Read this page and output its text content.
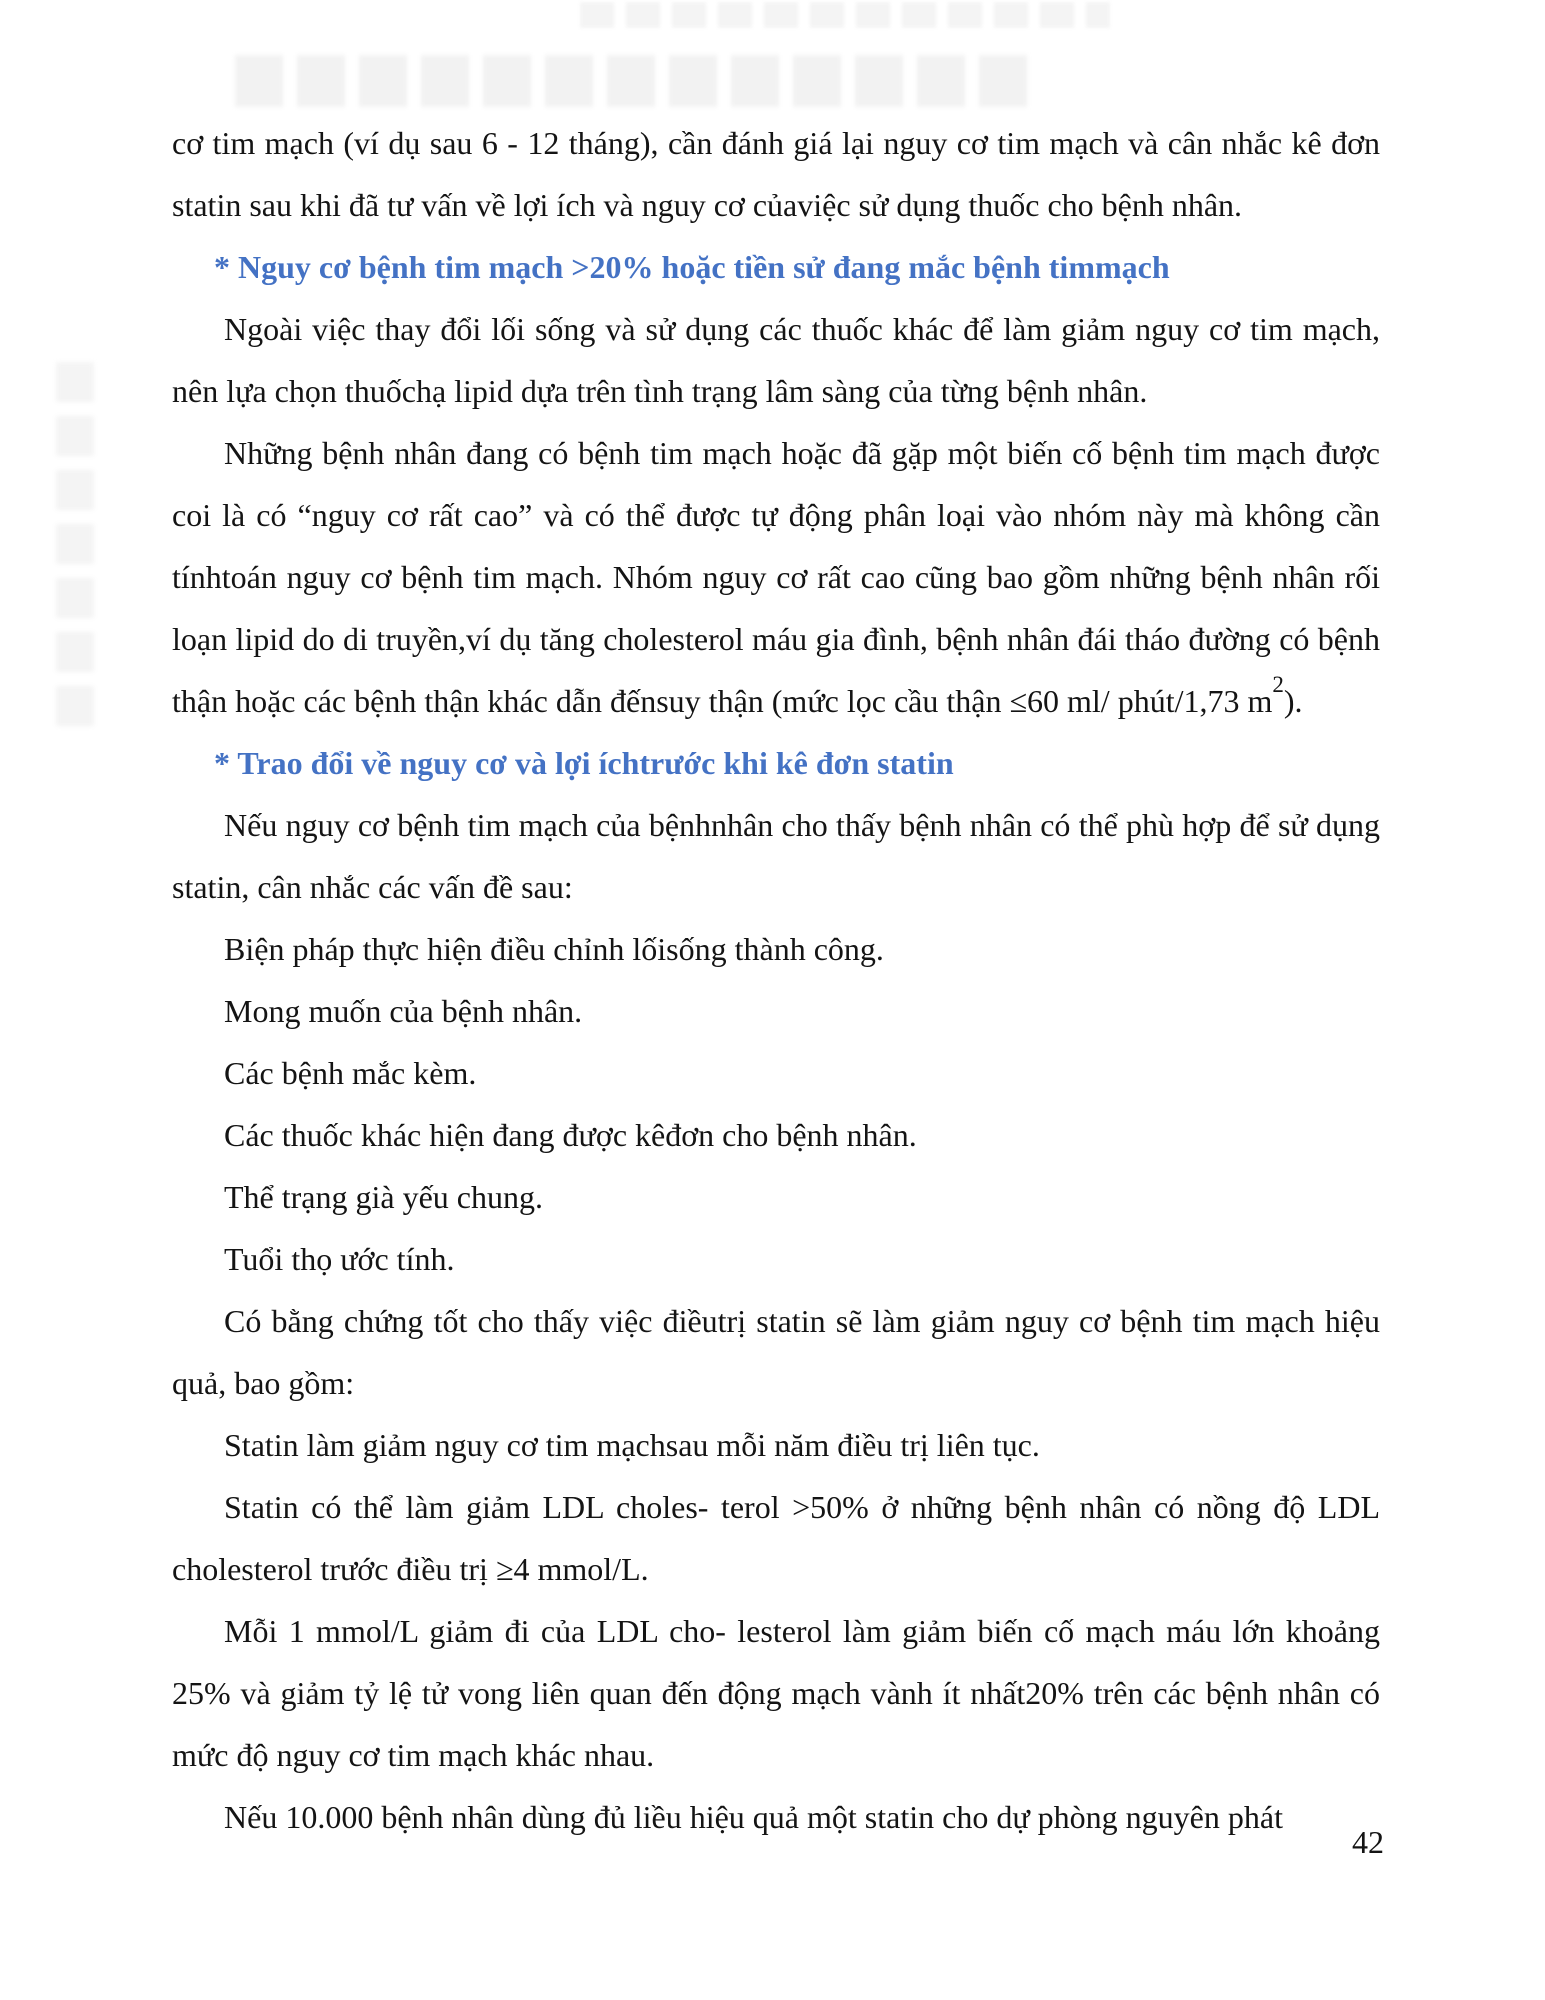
cơ tim mạch (ví dụ sau 6 - 12 tháng), cần đánh giá lại nguy cơ tim mạch và cân nhắc kê đơn statin sau khi đã tư vấn về lợi ích và nguy cơ củaviệc sử dụng thuốc cho bệnh nhân.

* Nguy cơ bệnh tim mạch >20% hoặc tiền sử đang mắc bệnh timmạch

Ngoài việc thay đổi lối sống và sử dụng các thuốc khác để làm giảm nguy cơ tim mạch, nên lựa chọn thuốchạ lipid dựa trên tình trạng lâm sàng của từng bệnh nhân.

Những bệnh nhân đang có bệnh tim mạch hoặc đã gặp một biến cố bệnh tim mạch được coi là có “nguy cơ rất cao” và có thể được tự động phân loại vào nhóm này mà không cần tínhtoán nguy cơ bệnh tim mạch. Nhóm nguy cơ rất cao cũng bao gồm những bệnh nhân rối loạn lipid do di truyền,ví dụ tăng cholesterol máu gia đình, bệnh nhân đái tháo đường có bệnh thận hoặc các bệnh thận khác dẫn đếnsuy thận (mức lọc cầu thận ≤60 ml/ phút/1,73 $m^2$).

* Trao đổi về nguy cơ và lợi íchtrước khi kê đơn statin

Nếu nguy cơ bệnh tim mạch của bệnhnhân cho thấy bệnh nhân có thể phù hợp để sử dụng statin, cân nhắc các vấn đề sau:

Biện pháp thực hiện điều chỉnh lốisống thành công.

Mong muốn của bệnh nhân.

Các bệnh mắc kèm.

Các thuốc khác hiện đang được kêđơn cho bệnh nhân.

Thể trạng già yếu chung.

Tuổi thọ ước tính.

Có bằng chứng tốt cho thấy việc điềutrị statin sẽ làm giảm nguy cơ bệnh tim mạch hiệu quả, bao gồm:

Statin làm giảm nguy cơ tim mạchsau mỗi năm điều trị liên tục.

Statin có thể làm giảm LDL choles- terol >50% ở những bệnh nhân có nồng độ LDL cholesterol trước điều trị ≥4 mmol/L.

Mỗi 1 mmol/L giảm đi của LDL cho- lesterol làm giảm biến cố mạch máu lớn khoảng 25% và giảm tỷ lệ tử vong liên quan đến động mạch vành ít nhất20% trên các bệnh nhân có mức độ nguy cơ tim mạch khác nhau.

Nếu 10.000 bệnh nhân dùng đủ liều hiệu quả một statin cho dự phòng nguyên phát

42
